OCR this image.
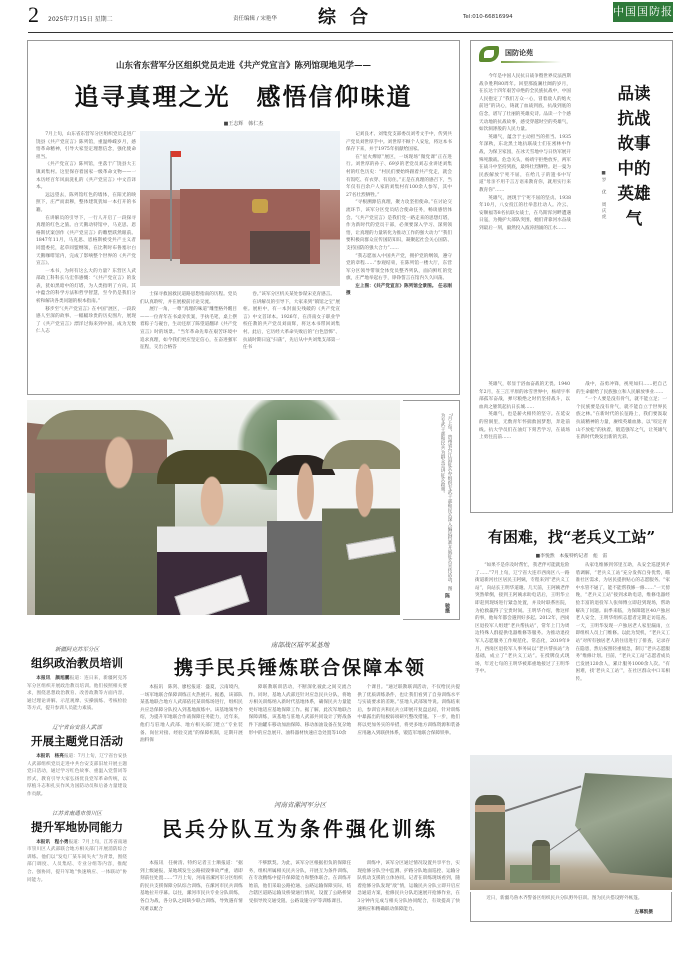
2 2025年7月15日 星期二	责任编辑 / 宋艳华 综合	Tel:010-66816994	中国国防报
山东省东营军分区组织党员走进《共产党宣言》陈列馆现地见学——
追寻真理之光　感悟信仰味道
■王志辉　韩仁杰

7月上旬，山东省东营军分区组织党员走进广饶县《共产党宣言》陈列馆，重温峥嵘岁月，感悟革命精神，引导大家坚定理想信念，强化使命担当。

《共产党宣言》陈列馆，坐落于广饶县大王镇刘集村。这里保存着国家一级革命文物——一本历经百年风雨洗礼的《共产党宣言》中文首译本。

远远望去，陈列馆红色的墙体，在阳光的映照下，庄严而肃穆，整体建筑犹如一本打开的书籍。

在讲解员的引导下，一行人开启了一段探寻真理的红色之旅。白天鹅动特馆中，马克思、恩格斯伏案创作《共产党宣言》的雕塑跃然眼前。1847年11月，马克思、恩格斯被受共产主义者同盟委托，起草同盟纲领，在比利时布鲁塞尔白天鹅咖啡馆内，完成了影响整个世界的《共产党宣言》。

一本书，为何有这么大的力量？东营区人武部政工科科长马宏伟感慨：“《共产党宣言》的发表，犹如黑暗中的灯塔，为人类指明了方向。其中蕴含的科学方法和哲学智慧，至今仍是我们分析和解决各类问题的根本指南。”

移步至“《共产党宣言》在中国”展区，一段段感人至深的故事、一幅幅珍贵的历史图片，展现了《共产党宣言》漂洋过海来到中国，成为无数仁人志

士探寻救国救民道路思想指南的历程。党员们认真聆听，并在展板前讨论交流。

展厅一角，一尊“真理的味道”雕塑格外醒目——一位青年在书桌旁伏案，手执毛笔，桌上摆着粽子与砚台，生动还原了陈望道翻译《共产党宣言》时的场景。“当年革命先辈在艰苦环境中追求真理，如今我们更应坚定信心，在奋进强军征程，交出合格答

卷。”该军分区机关某处参谋宋克育感言。

在讲解员的引导下，大家来到“镇馆之宝”展柜。展柜中，有一本封面尖残破的《共产党宣言》中文首译本。1926年，在济南女子职业学校任教的共产党员刘雨辉，将这本书带回刘集村。此后，它历经大革命失败后的“白色恐怖”、抗战时期日寇“扫荡”，先后从中共刘集支部第一任书

记刘良才、刘集党支部委员刘考文手中，传到共产党员刘世厚手中。刘世厚不顾个人安危，将这本书保存下来，并于1975年捐献给国家。

在“星火燎原”展区，一场现场“微党课”正在进行。刘世厚的孙子、69岁的老党员刘志业讲述刘集村的红色历史：“村民们要始终跟着共产党走，就会有饭吃、有衣穿、有房住。”正是在真理的感召下，当年仅有百余户人家的刘集村有100余人参军，其中27名壮烈牺牲。”

“寻根溯源信真理，聚力攻坚担使命。”在讨论交流环节，该军分区党员结合使命任务，畅谈感悟体会。“《共产党宣言》是我们党一路走来的思想灯塔，作为新时代的党员干部，必须要深入学习、深刻领悟，让真理的力量转化为推动工作的强大动力”“我们要积极向群众宣传国防知识，凝聚起社会关心国防、支持国防的强大合力”……

“我志愿加入中国共产党，拥护党的纲领，遵守党的章程……”参观结束，在陈列馆一楼大厅，东营军分区领导带领全体党员整齐列队，面向鲜红的党旗，庄严地举起右手，铮铮誓言在馆内久久回荡。

左上图：《共产党宣言》陈列馆全景图。 任志刚摄

7月上旬，贵州省台江县征兵办组织专武干部和民兵深入偏远村寨开展征兵宣传活动，图为专武干部和民兵为群众宣讲征兵政策。
陈　驰摄
新疆阿克苏军分区
组织政治教员培训
本报讯　颜旭鹏报道：连日来，新疆阿克苏军分区组织开展政治教员培训。他们按照相关要求，围绕思想政治教育、改善政教等方面内容，通过理论讲解、示范观摩、实操演练、考核检验等方式，提升参训人员能力素质。
辽宁省台安县人武部
开展主题党日活动
本报讯　杨亮报道：7月上旬，辽宁省台安县人武部组织党员走进中共台安支部旧址开展主题党日活动，通过学习红色故事、重温入党誓词等形式，教育引导大家弘扬优良党军革命传统，以厚植斗志和扎实作风为国防动员和后备力量建设作贡献。
江苏省南通市崇川区
提升军地协同能力
本报讯　程小勇报道：7月上旬，江苏省南通市崇川区人武部联合地方相关部门开展消防综合训练。他们以“发电厂某车间失火”为背景，围绕部门调度、人员集结、专业分组等内容，推配合、强协同，提升军地“快速响应、一体联动”协同能力。
南部战区陆军某基地
携手民兵锤炼联合保障本领

本报讯　陈剑、廖松报道：盛夏，云南境内，一场军地联合保障训练正火热展开。据悉，该部队某基地联合地方人武部依托某训练场进行，组织民兵应急保障分队投入到基地演练中。该基地领导介绍，为提升军地联合作战保障任务能力，近年来，他们与驻地人武部、地方相关部门建立“专业装备、岗位对接、经验交流”的保障机制，定期开展油料保

障联教联训活动，不断深化彼此之间交流合作。同时，基地人武部还针对应急民兵分队，将地方相关训练纳入新时代基地体系，确保民兵力量能更好地适应基地保障工作。据了解，此次军地联合保障训练，该基地与驻地人武部共同设计了野战条件下油罐车移动加油保障、移动加油设备在复杂地形中的应急展开、油料器材快速应急处置等10余

个课目。“通过联教联训活动，不仅给民兵提供了优质训练条件，也让我们看到了自身训练水平与实战要求的差距。”驻地人武部领导说。训练结束后，参训官兵和民兵立即展开复盘总结，针对训练中暴露出的短板弱项研究整改措施。下一步，他们将以更加务实的举措，将更多地方训练资源和装备应用融入到联供体系，锻造军地联合保障铁拳。

河南省漯河军分区
民兵分队互为条件强化训练

本报讯　任树清、特约记者王士顺报道：“据到上级通报，某地域发生公路损毁事故严重，请即刻前往处置……”7月上旬，河南省漯河军分区组织的民兵支援保障分队综合训练，在漯河市民兵训练基地拉开序幕。以往，漯河市民兵专业分队训练，各自为战，各分队之间缺少联合训练，导致遇有情况难以配合

不够默契。为此，该军分区根据担负的保障任务，组织所属相关民兵分队，开展互为条件训练，在专攻精练中提升保障能力和整体联合。在训练开始前，他们采取公路抢通、公路运输保障实际，结合辖区道路运输及桥梁通行情况，设置了公路桥梁受损导致交通受阻、公路设施守护等训练课目。

训练中，该军分区通过情况设置共享平台，实现抢修分队空中监测、护路分队地面巡控、运输分队机动支援的立体协同。记者在训练现场看到，随着抢修分队发现“敌”情，运输民兵分队立即开启应急通道方案，抢修民兵分队迅速展开抢修作业，在3分钟内完成与相关分队协同配合，有效提高了快速响应和精确联动保障能力。

国防论苑

今年是中国人民抗日战争暨世界反法西斯战争胜利80周年。回望那波澜壮阔的岁月，在长达十四年艰苦卓绝的全民族抗战中，中国人民抱定了“我们万众一心，冒着敌人的炮火前进”的决心，铸就了血战到底、抗战到底的信念，谱写了壮丽的英雄史诗。品读一个个感天动地的抗战故事，感受穿越时空的英雄气，如饮洞涤般的人民力量。

英雄气，蕴含于主动担当的担当。1935年深秋，东北黑土地抗联战士们在密林中作战，为保卫家园，在冰天雪地中与日伪军展开殊死激战。危急关头，杨靖宇拒绝放弃，两军在战斗中坚持到底，最终壮烈牺牲。赵一曼为民族解放宁死不屈，在给儿子的遗书中写道“母亲不用千言万语来教育你，就用实行来教育你”……

英雄气，展现于宁死不屈的坚贞。1938年10月，八女投江的壮举悲壮动人。冷云、安顺福等8名抗联女战士，在乌斯浑河畔遭遇日寇，为掩护大部队突围，她们背靠河水奋战到最后一刻，毅然投入波涛汹涌的江水……

■罗　优　周庆虎
品读抗战故事中的英雄气

英雄气，彰显于浴血奋战的无畏。1940年2月，在三江平原的冰雪世界中，杨靖宇率部孤军奋战，弹尽粮绝之时仍坚持战斗，以血肉之躯筑起抗日长城……

英雄气，也是薪火相传的坚守。在延安的窑洞里，无数青年怀揣救国梦想，奔赴前线。抗大学员们在油灯下刻苦学习，在战场上勇往直前……

战中，奋勇冲锋，视死如归……把自己的生命献给了民族独立和人民解放事业……

“一个人要是没有骨气，就不能立足；一个民族要是没有骨气，就不能自立于世界民族之林。”在新时代的长征路上，我们要汲取抗战精神的力量，赓续英雄血脉，以“咬定青山不放松”的执着，锻造强军之气，让英雄气在新时代焕发出新的光彩。

有困难，找“老兵义工站”
■李悦然　本报特约记者　彪　雷

“如果不是你及时帮忙，我老伴可能就危险了……”7月上旬，辽宁省大连市西岗区八一路街道新河社区居民王阿姨，专程来到“老兵义工站”，向站长王明华道谢。几天前，王阿姨老伴突然晕倒，接到王阿姨求助电话后，王明华立即赶到现场进行紧急处置，并及时联系医院，为抢救赢得了宝贵时间。王明华介绍，像这样的事，他每年都会遇到好多起。2012年，西岗区退役军人组建“老兵帮扶站”，常年上门为周边特殊人群提供电器维修等服务。为推动退役军人志愿服务工作规范化、常态化，2019年9月，西岗区退役军人事务局以“老兵帮扶站”为基础，成立了“老兵义工站”。在授牌仪式现场，年近七旬的王明华被郑重地接过了王明华手中。

从家电维修到邻里互助，从安全巡逻到矛盾调解，“老兵义工站”充分发挥自身优势，瞄准社区需求，为居民提供贴心的志愿服务。“家中水管不通了，能不能帮我修一修……”一天傍晚，“老兵义工站”接到求助电话，维修电器经验丰富的退役军人张师傅立即赶到现场，帮助解决了问题。雨季来临，为保障辖区40户独居老人安全，王明华组织志愿者定期走访巡查。一天，王明华发现一户独居老人家里漏雨，立即组织人员上门维修。以此为契机，“老兵义工站”对所有独居老人的住房进行了排查，记录存在隐患，然后按照轻重缓急，制订“老兵志愿服务”维修计划。目前，“老兵义工站”志愿者成员已发展120余人，累计服务1000余人次。“有困难，找‘老兵义工站’”，在社区群众中口耳相传。

近日，新疆乌鲁木齐警备区组织民兵分队野外驻训。图为民兵搭设野外帐篷。
左慕凯摄
